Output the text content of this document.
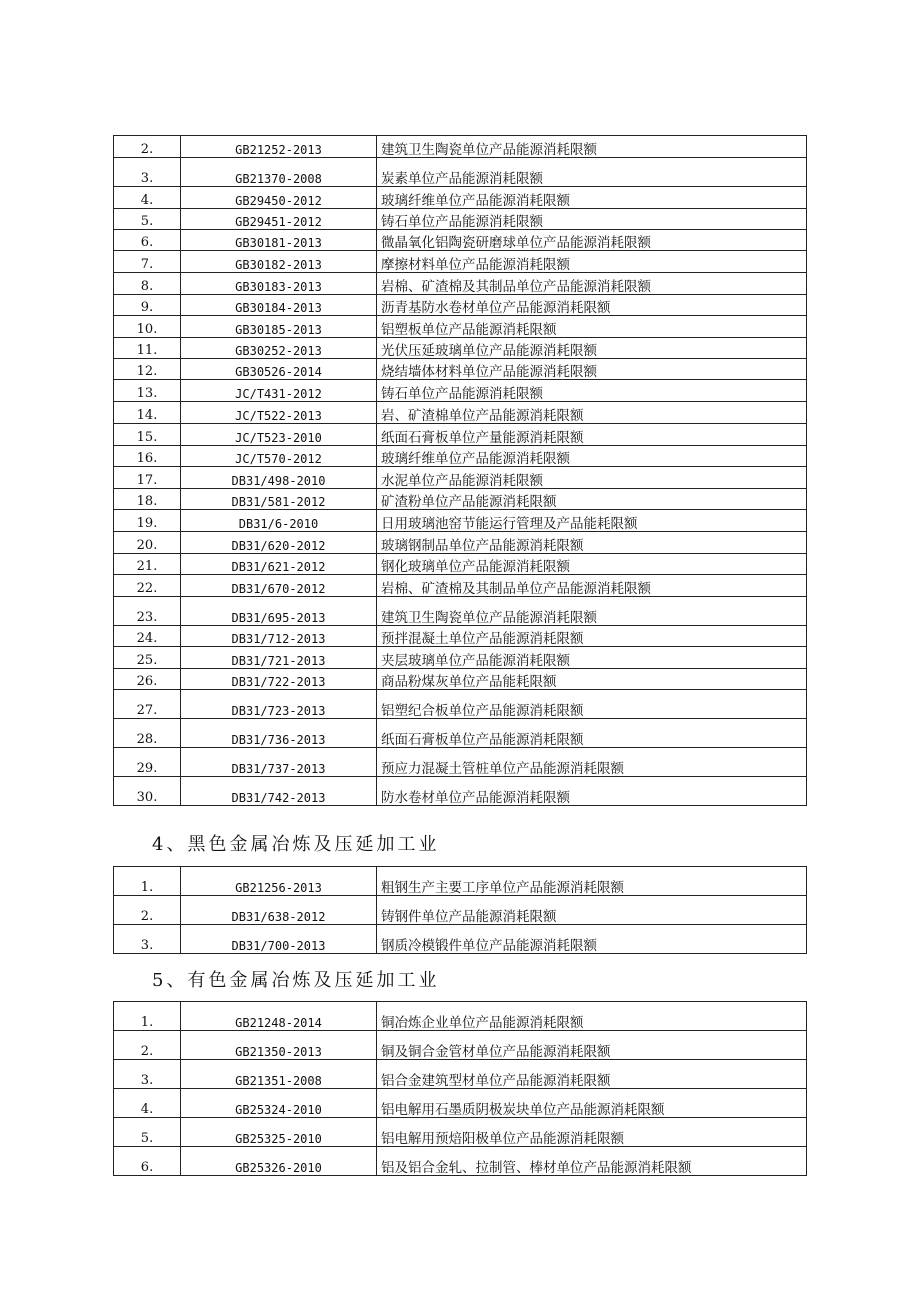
2.	GB21252-2013	建筑卫生陶瓷单位产品能源消耗限额
3.	GB21370-2008	炭素单位产品能源消耗限额
4.	GB29450-2012	玻璃纤维单位产品能源消耗限额
5.	GB29451-2012	铸石单位产品能源消耗限额
6.	GB30181-2013	微晶氧化铝陶瓷研磨球单位产品能源消耗限额
7.	GB30182-2013	摩擦材料单位产品能源消耗限额
8.	GB30183-2013	岩棉、矿渣棉及其制品单位产品能源消耗限额
9.	GB30184-2013	沥青基防水卷材单位产品能源消耗限额
10.	GB30185-2013	铝塑板单位产品能源消耗限额
11.	GB30252-2013	光伏压延玻璃单位产品能源消耗限额
12.	GB30526-2014	烧结墙体材料单位产品能源消耗限额
13.	JC/T431-2012	铸石单位产品能源消耗限额
14.	JC/T522-2013	岩、矿渣棉单位产品能源消耗限额
15.	JC/T523-2010	纸面石膏板单位产量能源消耗限额
16.	JC/T570-2012	玻璃纤维单位产品能源消耗限额
17.	DB31/498-2010	水泥单位产品能源消耗限额
18.	DB31/581-2012	矿渣粉单位产品能源消耗限额
19.	DB31/6-2010	日用玻璃池窑节能运行管理及产品能耗限额
20.	DB31/620-2012	玻璃钢制品单位产品能源消耗限额
21.	DB31/621-2012	钢化玻璃单位产品能源消耗限额
22.	DB31/670-2012	岩棉、矿渣棉及其制品单位产品能源消耗限额
23.	DB31/695-2013	建筑卫生陶瓷单位产品能源消耗限额
24.	DB31/712-2013	预拌混凝土单位产品能源消耗限额
25.	DB31/721-2013	夹层玻璃单位产品能源消耗限额
26.	DB31/722-2013	商品粉煤灰单位产品能耗限额
27.	DB31/723-2013	铝塑纪合板单位产品能源消耗限额
28.	DB31/736-2013	纸面石膏板单位产品能源消耗限额
29.	DB31/737-2013	预应力混凝土管桩单位产品能源消耗限额
30.	DB31/742-2013	防水卷材单位产品能源消耗限额
4、黑色金属冶炼及压延加工业
1.	GB21256-2013	粗钢生产主要工序单位产品能源消耗限额
2.	DB31/638-2012	铸钢件单位产品能源消耗限额
3.	DB31/700-2013	钢质冷模锻件单位产品能源消耗限额
5、有色金属冶炼及压延加工业
1.	GB21248-2014	铜冶炼企业单位产品能源消耗限额
2.	GB21350-2013	铜及铜合金管材单位产品能源消耗限额
3.	GB21351-2008	铝合金建筑型材单位产品能源消耗限额
4.	GB25324-2010	铝电解用石墨质阴极炭块单位产品能源消耗限额
5.	GB25325-2010	铝电解用预焙阳极单位产品能源消耗限额
6.	GB25326-2010	铝及铝合金轧、拉制管、棒材单位产品能源消耗限额
